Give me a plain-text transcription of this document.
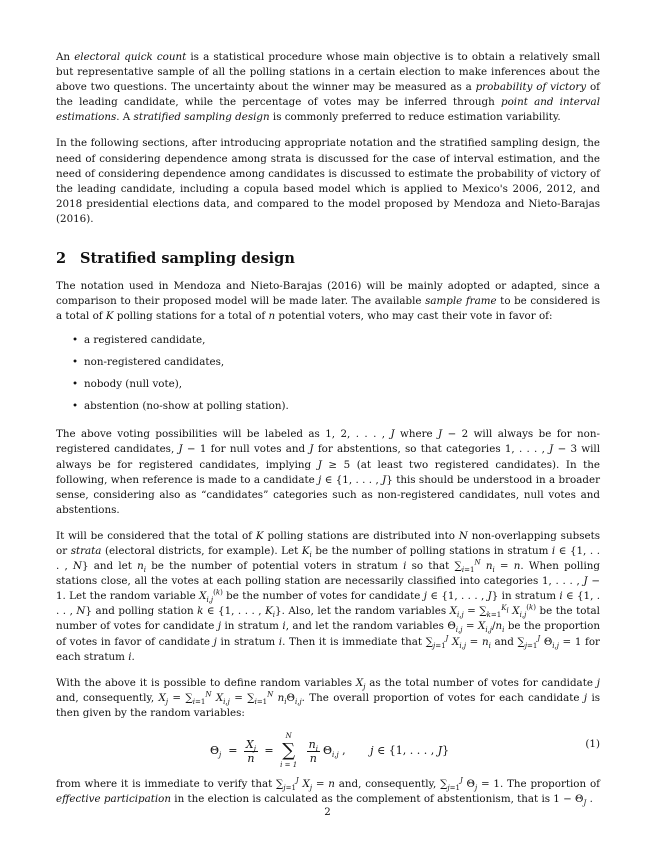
An electoral quick count is a statistical procedure whose main objective is to obtain a relatively small but representative sample of all the polling stations in a certain election to make inferences about the above two questions. The uncertainty about the winner may be measured as a probability of victory of the leading candidate, while the percentage of votes may be inferred through point and interval estimations. A stratified sampling design is commonly preferred to reduce estimation variability.

In the following sections, after introducing appropriate notation and the stratified sampling design, the need of considering dependence among strata is discussed for the case of interval estimation, and the need of considering dependence among candidates is discussed to estimate the probability of victory of the leading candidate, including a copula based model which is applied to Mexico's 2006, 2012, and 2018 presidential elections data, and compared to the model proposed by Mendoza and Nieto-Barajas (2016).

2 Stratified sampling design

The notation used in Mendoza and Nieto-Barajas (2016) will be mainly adopted or adapted, since a comparison to their proposed model will be made later. The available sample frame to be considered is a total of K polling stations for a total of n potential voters, who may cast their vote in favor of:

• a registered candidate,
• non-registered candidates,
• nobody (null vote),
• abstention (no-show at polling station).

The above voting possibilities will be labeled as 1, 2, . . . , J where J − 2 will always be for non-registered candidates, J − 1 for null votes and J for abstentions, so that categories 1, . . . , J − 3 will always be for registered candidates, implying J ≥ 5 (at least two registered candidates). In the following, when reference is made to a candidate j ∈ {1, . . . , J} this should be understood in a broader sense, considering also as “candidates” categories such as non-registered candidates, null votes and abstentions.

It will be considered that the total of K polling stations are distributed into N non-overlapping subsets or strata (electoral districts, for example). Let $K_i$ be the number of polling stations in stratum i ∈ {1, . . . , N} and let $n_i$ be the number of potential voters in stratum i so that $\sum_{i=1}^N$ $n_i = n$. When polling stations close, all the votes at each polling station are necessarily classified into categories 1, . . . , J − 1. Let the random variable $X_{i,j}^{(k)}$ be the number of votes for candidate j ∈ {1, . . . , J} in stratum i ∈ {1, . . . , N} and polling station k ∈ {1, . . . , $K_i$}. Also, let the random variables $X_{i,j} = \sum_{k=1}^{K_i}$ $X_{i,j}^{(k)}$ be the total number of votes for candidate j in stratum i, and let the random variables $\Theta_{i,j} = X_{i,j}/n_i$ be the proportion of votes in favor of candidate j in stratum i. Then it is immediate that $\sum_{j=1}^J$ $X_{i,j} = n_i$ and $\sum_{j=1}^J$ $\Theta_{i,j} = 1$ for each stratum i.

With the above it is possible to define random variables $X_j$ as the total number of votes for candidate j and, consequently, $X_j = \sum_{i=1}^N$ $X_{i,j} = \sum_{i=1}^N$ $n_i\Theta_{i,j}$. The overall proportion of votes for each candidate j is then given by the random variables:

$\Theta_j = \frac{X_j}{n}$ =
N
∑
i = 1

$\frac{n_i}{n} \Theta_{i,j}$ ,       j ∈ {1, . . . , J}	(1)

from where it is immediate to verify that $\sum_{j=1}^J$ $X_j = n$ and, consequently, $\sum_{j=1}^J$ $\Theta_j = 1$. The proportion of effective participation in the election is calculated as the complement of abstentionism, that is $1 - \Theta_J$ .

2
